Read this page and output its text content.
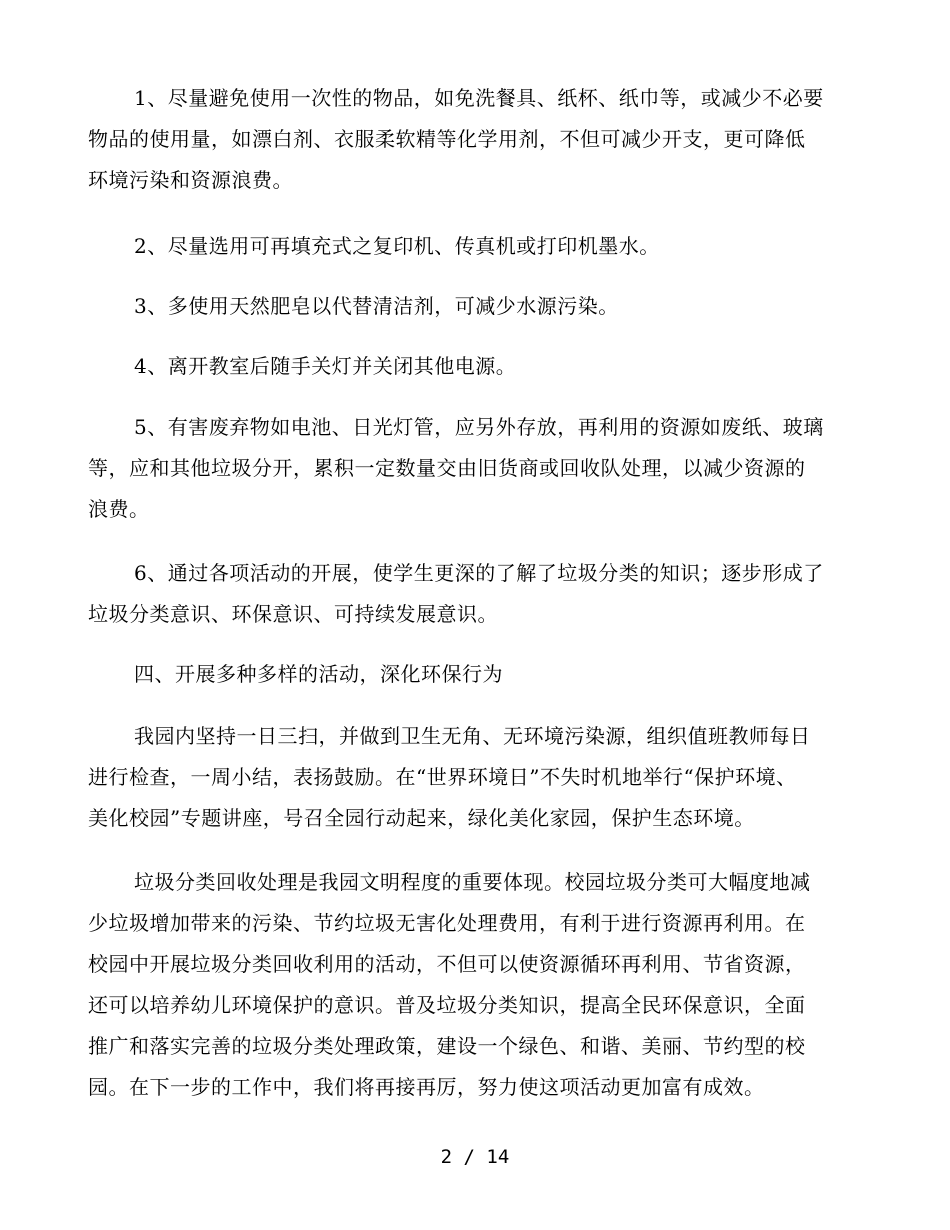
1、尽量避免使用一次性的物品，如免洗餐具、纸杯、纸巾等，或减少不必要
物品的使用量，如漂白剂、衣服柔软精等化学用剂，不但可减少开支，更可降低
环境污染和资源浪费。

2、尽量选用可再填充式之复印机、传真机或打印机墨水。

3、多使用天然肥皂以代替清洁剂，可减少水源污染。

4、离开教室后随手关灯并关闭其他电源。

5、有害废弃物如电池、日光灯管，应另外存放，再利用的资源如废纸、玻璃
等，应和其他垃圾分开，累积一定数量交由旧货商或回收队处理，以减少资源的
浪费。

6、通过各项活动的开展，使学生更深的了解了垃圾分类的知识；逐步形成了
垃圾分类意识、环保意识、可持续发展意识。

四、开展多种多样的活动，深化环保行为

我园内坚持一日三扫，并做到卫生无角、无环境污染源，组织值班教师每日
进行检查，一周小结，表扬鼓励。在“世界环境日”不失时机地举行“保护环境、
美化校园”专题讲座，号召全园行动起来，绿化美化家园，保护生态环境。

垃圾分类回收处理是我园文明程度的重要体现。校园垃圾分类可大幅度地减
少垃圾增加带来的污染、节约垃圾无害化处理费用，有利于进行资源再利用。在
校园中开展垃圾分类回收利用的活动，不但可以使资源循环再利用、节省资源，
还可以培养幼儿环境保护的意识。普及垃圾分类知识，提高全民环保意识，全面
推广和落实完善的垃圾分类处理政策，建设一个绿色、和谐、美丽、节约型的校
园。在下一步的工作中，我们将再接再厉，努力使这项活动更加富有成效。

2 / 14
